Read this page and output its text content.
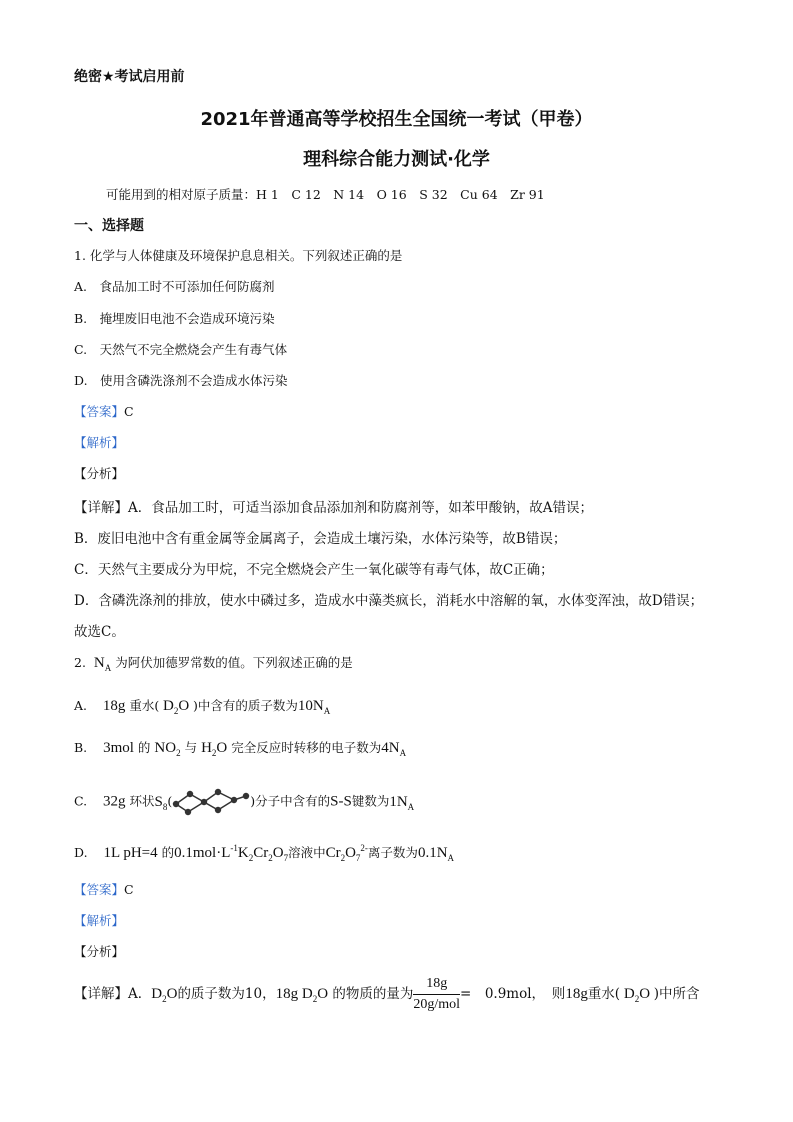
绝密★考试启用前
2021年普通高等学校招生全国统一考试（甲卷）
理科综合能力测试·化学
可能用到的相对原子质量：H 1　C 12　N 14　O 16　S 32　Cu 64　Zr 91
一、选择题
1. 化学与人体健康及环境保护息息相关。下列叙述正确的是
A.　食品加工时不可添加任何防腐剂
B.　掩埋废旧电池不会造成环境污染
C.　天然气不完全燃烧会产生有毒气体
D.　使用含磷洗涤剂不会造成水体污染
【答案】C
【解析】
【分析】
【详解】A．食品加工时，可适当添加食品添加剂和防腐剂等，如苯甲酸钠，故A错误；
B．废旧电池中含有重金属等金属离子，会造成土壤污染，水体污染等，故B错误；
C．天然气主要成分为甲烷，不完全燃烧会产生一氧化碳等有毒气体，故C正确；
D．含磷洗涤剂的排放，使水中磷过多，造成水中藻类疯长，消耗水中溶解的氧，水体变浑浊，故D错误；
故选C。
2. $N_A$ 为阿伏加德罗常数的值。下列叙述正确的是
A. 18g 重水( $D_2O$ )中含有的质子数为$10N_A$
B. 3mol 的 $NO_2$ 与 $H_2O$ 完全反应时转移的电子数为$4N_A$
C. 32g 环状$S_8$(	)分子中含有的S-S键数为$1N_A$
D. 1L pH=4 的$0.1mol\cdot L^{-1}K_2Cr_2O_7$溶液中$Cr_2O_7^{2-}$离子数为$0.1N_A$
【答案】C
【解析】
【分析】
【详解】A．$D_2O$的质子数为10，18g $D_2O$ 的物质的量为 $\frac{18g}{\text{20g/mol}}$ =　0.9mol，　则18g重水( $D_2O$ )中所含
